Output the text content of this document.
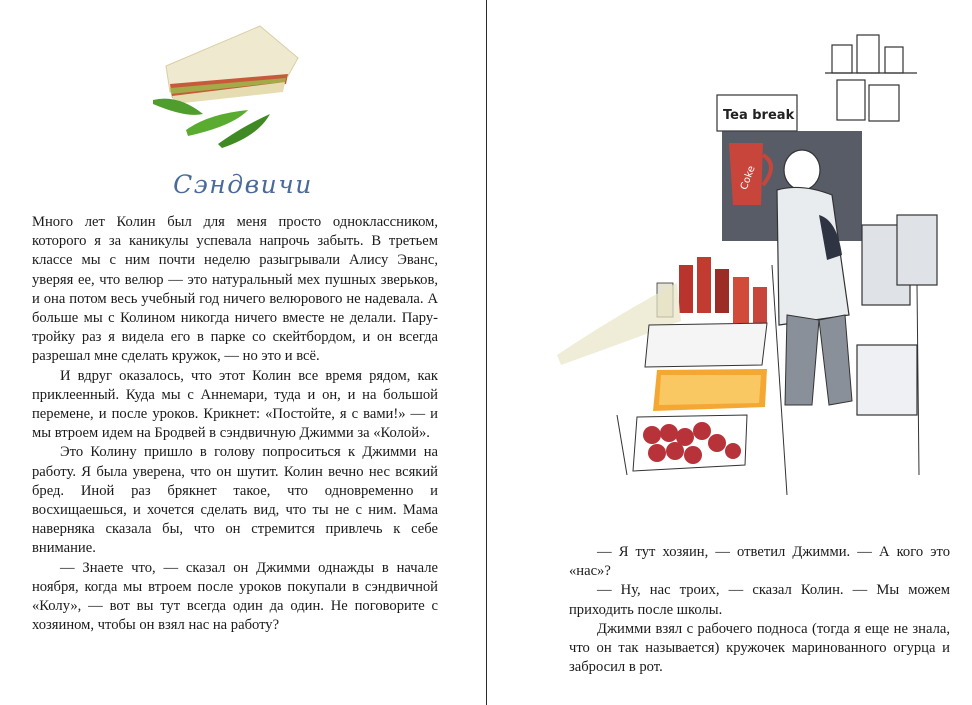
Сэндвичи

Много лет Колин был для меня просто одноклассником, которого я за каникулы успевала напрочь забыть. В третьем классе мы с ним почти неделю разыгрывали Алису Эванс, уверяя ее, что велюр — это натуральный мех пушных зверьков, и она потом весь учебный год ничего велюрового не надевала. А больше мы с Колином никогда ничего вместе не делали. Пару-тройку раз я видела его в парке со скейтбордом, и он всегда разрешал мне сделать кружок, — но это и всё.

И вдруг оказалось, что этот Колин все время рядом, как приклеенный. Куда мы с Аннемари, туда и он, и на большой перемене, и после уроков. Крикнет: «Постойте, я с вами!» — и мы втроем идем на Бродвей в сэндвичную Джимми за «Колой».

Это Колину пришло в голову попроситься к Джимми на работу. Я была уверена, что он шутит. Колин вечно нес всякий бред. Иной раз брякнет такое, что одновременно и восхищаешься, и хочется сделать вид, что ты не с ним. Мама наверняка сказала бы, что он стремится привлечь к себе внимание.

— Знаете что, — сказал он Джимми однажды в начале ноября, когда мы втроем после уроков покупали в сэндвичной «Колу», — вот вы тут всегда один да один. Не поговорите с хозяином, чтобы он взял нас на работу?

Tea break
Coke

— Я тут хозяин, — ответил Джимми. — А кого это «нас»?

— Ну, нас троих, — сказал Колин. — Мы можем приходить после школы.

Джимми взял с рабочего подноса (тогда я еще не знала, что он так называется) кружочек маринованного огурца и забросил в рот.
